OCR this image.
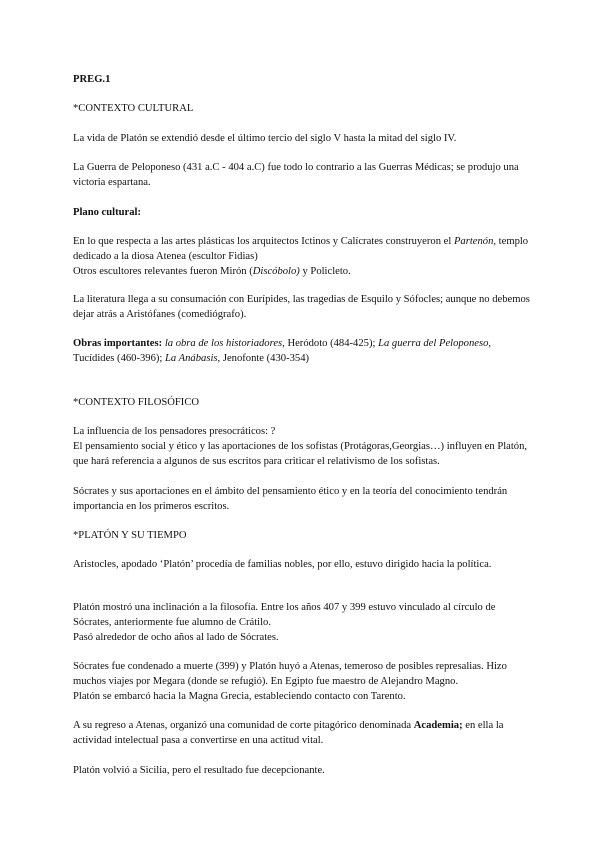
PREG.1

*CONTEXTO CULTURAL

La vida de Platón se extendió desde el último tercio del siglo V hasta la mitad del siglo IV.

La Guerra de Peloponeso (431 a.C - 404 a.C) fue todo lo contrario a las Guerras Médicas; se produjo una victoria espartana.

Plano cultural:

En lo que respecta a las artes plásticas los arquitectos Ictinos y Calícrates construyeron el Partenón, templo dedicado a la diosa Atenea (escultor Fidias)

Otros escultores relevantes fueron Mirón (Discóbolo) y Policleto.

La literatura llega a su consumación con Eurípides, las tragedias de Esquilo y Sófocles; aunque no debemos dejar atrás a Aristófanes (comediógrafo).

Obras importantes: la obra de los historiadores, Heródoto (484-425); La guerra del Peloponeso, Tucídides (460-396); La Anábasis, Jenofonte (430-354)

*CONTEXTO FILOSÓFICO

La influencia de los pensadores presocráticos: ?

El pensamiento social y ético y las aportaciones de los sofistas (Protágoras,Georgias…) influyen en Platón, que hará referencia a algunos de sus escritos para criticar el relativismo de los sofistas.

Sócrates y sus aportaciones en el ámbito del pensamiento ético y en la teoría del conocimiento tendrán importancia en los primeros escritos.

*PLATÓN Y SU TIEMPO

Aristocles, apodado ‘Platón’ procedía de familias nobles, por ello, estuvo dirigido hacia la política.

Platón mostró una inclinación a la filosofía. Entre los años 407 y 399 estuvo vinculado al círculo de Sócrates, anteriormente fue alumno de Crátilo.

Pasó alrededor de ocho años al lado de Sócrates.

Sócrates fue condenado a muerte (399) y Platón huyó a Atenas, temeroso de posibles represalias. Hizo muchos viajes por Megara (donde se refugió). En Egipto fue maestro de Alejandro Magno.

Platón se embarcó hacia la Magna Grecia, estableciendo contacto con Tarento.

A su regreso a Atenas, organizó una comunidad de corte pitagórico denominada Academia; en ella la actividad intelectual pasa a convertirse en una actitud vital.

Platón volvió a Sicilia, pero el resultado fue decepcionante.
